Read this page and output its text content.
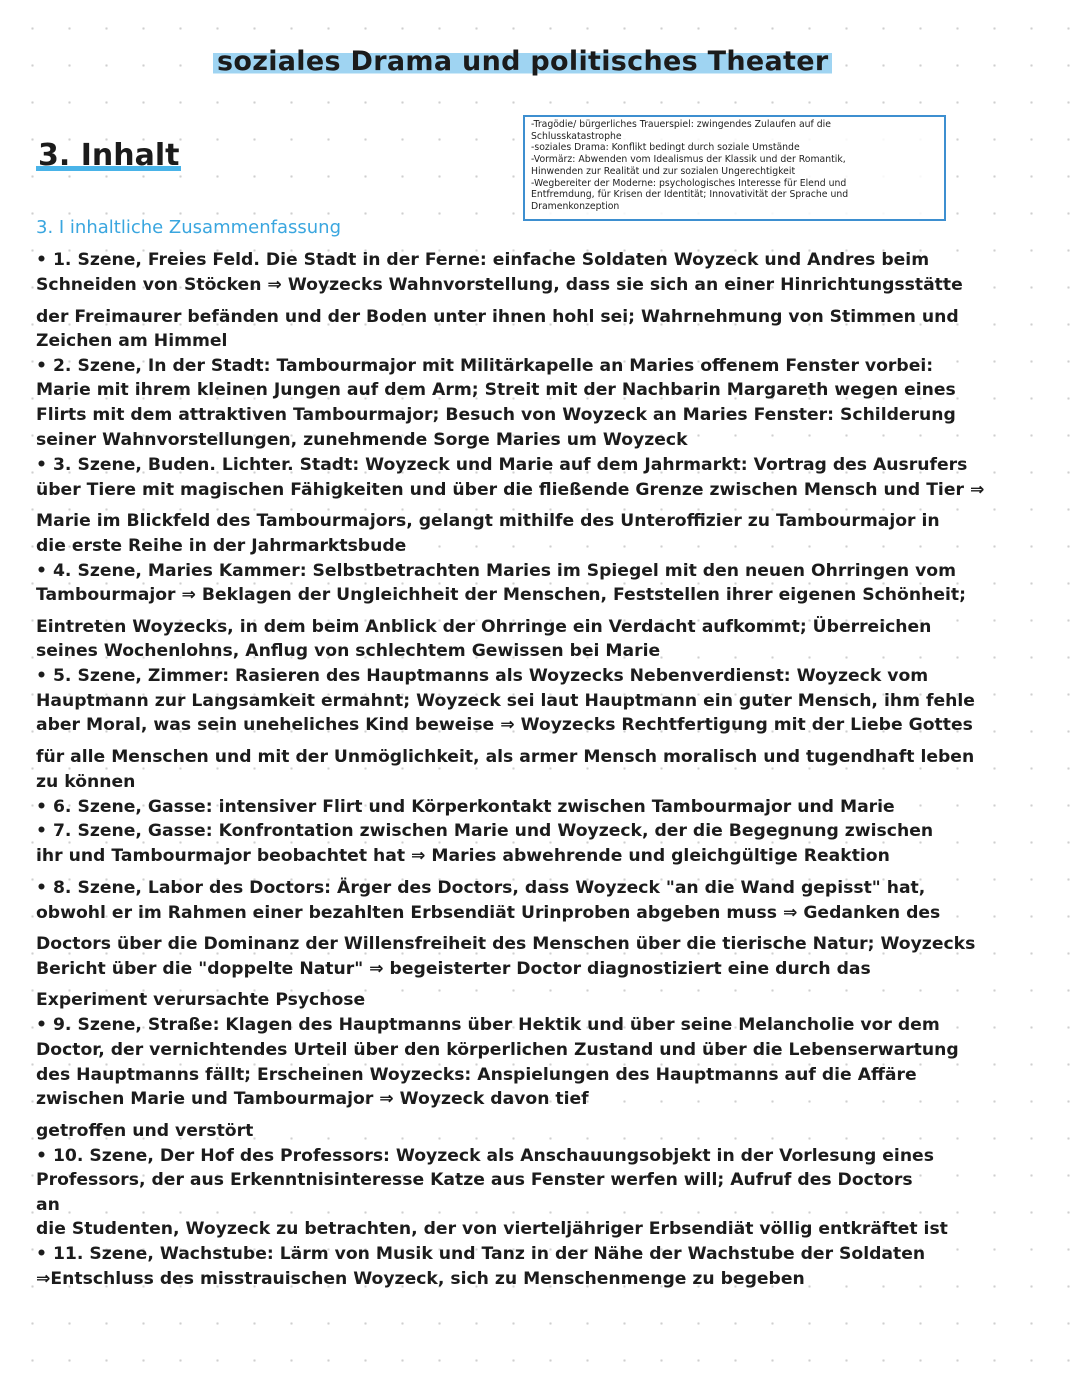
soziales Drama und politisches Theater
3. Inhalt
3. I inhaltliche Zusammenfassung
-Tragödie/ bürgerliches Trauerspiel: zwingendes Zulaufen auf die
Schlusskatastrophe
-soziales Drama: Konflikt bedingt durch soziale Umstände
-Vormärz: Abwenden vom Idealismus der Klassik und der Romantik,
Hinwenden zur Realität und zur sozialen Ungerechtigkeit
-Wegbereiter der Moderne: psychologisches Interesse für Elend und
Entfremdung, für Krisen der Identität; Innovativität der Sprache und
Dramenkonzeption
• 1. Szene, Freies Feld. Die Stadt in der Ferne: einfache Soldaten Woyzeck und Andres beim
Schneiden von Stöcken ⇒ Woyzecks Wahnvorstellung, dass sie sich an einer Hinrichtungsstätte
der Freimaurer befänden und der Boden unter ihnen hohl sei; Wahrnehmung von Stimmen und
Zeichen am Himmel
• 2. Szene, In der Stadt: Tambourmajor mit Militärkapelle an Maries offenem Fenster vorbei:
Marie mit ihrem kleinen Jungen auf dem Arm; Streit mit der Nachbarin Margareth wegen eines
Flirts mit dem attraktiven Tambourmajor; Besuch von Woyzeck an Maries Fenster: Schilderung
seiner Wahnvorstellungen, zunehmende Sorge Maries um Woyzeck
• 3. Szene, Buden. Lichter. Stadt: Woyzeck und Marie auf dem Jahrmarkt: Vortrag des Ausrufers
über Tiere mit magischen Fähigkeiten und über die fließende Grenze zwischen Mensch und Tier ⇒
Marie im Blickfeld des Tambourmajors, gelangt mithilfe des Unteroffizier zu Tambourmajor in
die erste Reihe in der Jahrmarktsbude
• 4. Szene, Maries Kammer: Selbstbetrachten Maries im Spiegel mit den neuen Ohrringen vom
Tambourmajor ⇒ Beklagen der Ungleichheit der Menschen, Feststellen ihrer eigenen Schönheit;
Eintreten Woyzecks, in dem beim Anblick der Ohrringe ein Verdacht aufkommt; Überreichen
seines Wochenlohns, Anflug von schlechtem Gewissen bei Marie
• 5. Szene, Zimmer: Rasieren des Hauptmanns als Woyzecks Nebenverdienst: Woyzeck vom
Hauptmann zur Langsamkeit ermahnt; Woyzeck sei laut Hauptmann ein guter Mensch, ihm fehle
aber Moral, was sein uneheliches Kind beweise ⇒ Woyzecks Rechtfertigung mit der Liebe Gottes
für alle Menschen und mit der Unmöglichkeit, als armer Mensch moralisch und tugendhaft leben
zu können
• 6. Szene, Gasse: intensiver Flirt und Körperkontakt zwischen Tambourmajor und Marie
• 7. Szene, Gasse: Konfrontation zwischen Marie und Woyzeck, der die Begegnung zwischen
ihr und Tambourmajor beobachtet hat ⇒ Maries abwehrende und gleichgültige Reaktion
• 8. Szene, Labor des Doctors: Ärger des Doctors, dass Woyzeck "an die Wand gepisst" hat,
obwohl er im Rahmen einer bezahlten Erbsendiät Urinproben abgeben muss ⇒ Gedanken des
Doctors über die Dominanz der Willensfreiheit des Menschen über die tierische Natur; Woyzecks
Bericht über die "doppelte Natur" ⇒ begeisterter Doctor diagnostiziert eine durch das
Experiment verursachte Psychose
• 9. Szene, Straße: Klagen des Hauptmanns über Hektik und über seine Melancholie vor dem
Doctor, der vernichtendes Urteil über den körperlichen Zustand und über die Lebenserwartung
des Hauptmanns fällt; Erscheinen Woyzecks: Anspielungen des Hauptmanns auf die Affäre
zwischen Marie und Tambourmajor ⇒ Woyzeck davon tief
getroffen und verstört
• 10. Szene, Der Hof des Professors: Woyzeck als Anschauungsobjekt in der Vorlesung eines
Professors, der aus Erkenntnisinteresse Katze aus Fenster werfen will; Aufruf des Doctors
an
die Studenten, Woyzeck zu betrachten, der von vierteljähriger Erbsendiät völlig entkräftet ist
• 11. Szene, Wachstube: Lärm von Musik und Tanz in der Nähe der Wachstube der Soldaten
⇒Entschluss des misstrauischen Woyzeck, sich zu Menschenmenge zu begeben
